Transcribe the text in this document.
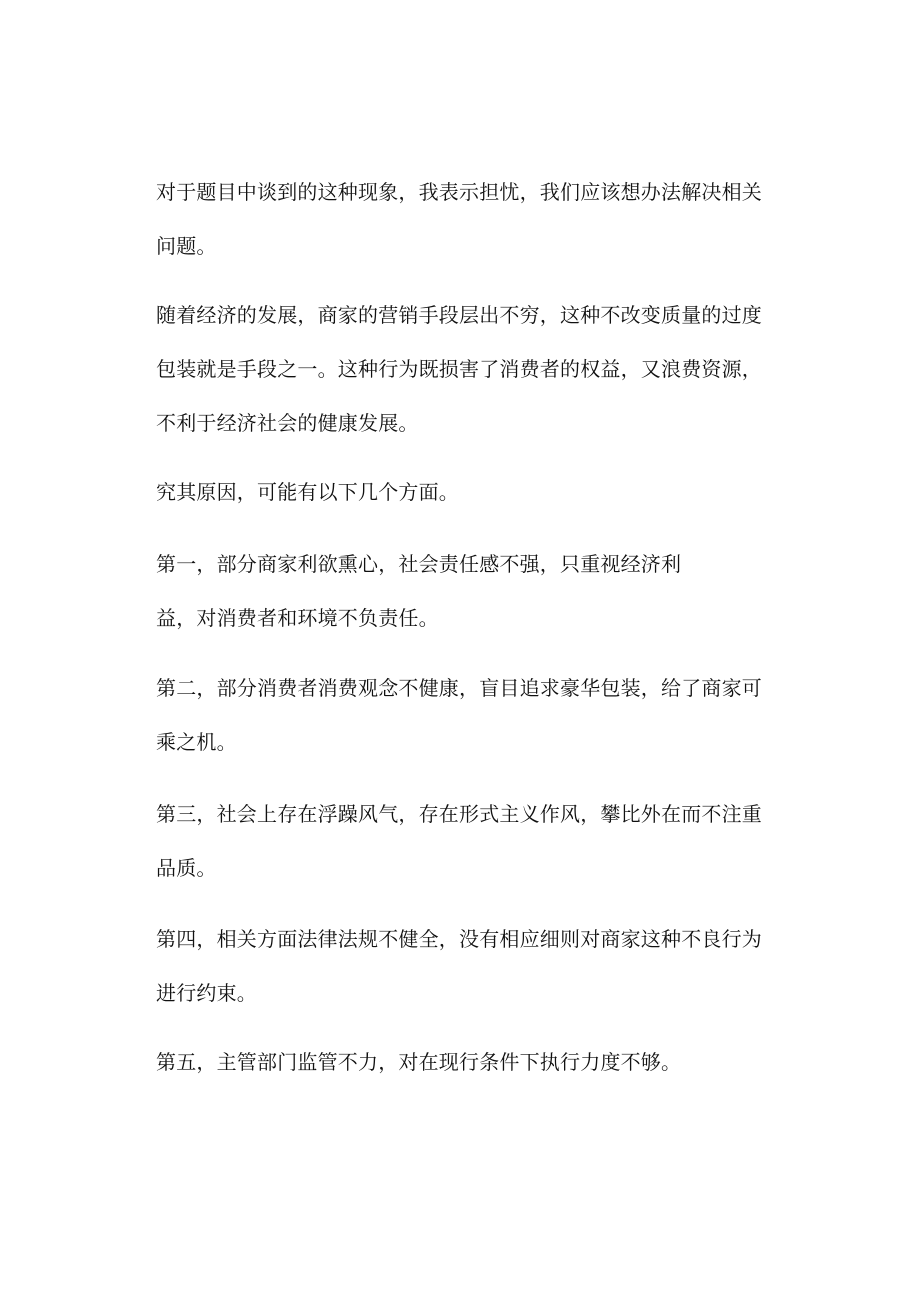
对于题目中谈到的这种现象，我表示担忧，我们应该想办法解决相关
问题。
随着经济的发展，商家的营销手段层出不穷，这种不改变质量的过度
包装就是手段之一。这种行为既损害了消费者的权益，又浪费资源，
不利于经济社会的健康发展。
究其原因，可能有以下几个方面。
第一，部分商家利欲熏心，社会责任感不强，只重视经济利
益，对消费者和环境不负责任。
第二，部分消费者消费观念不健康，盲目追求豪华包装，给了商家可
乘之机。
第三，社会上存在浮躁风气，存在形式主义作风，攀比外在而不注重
品质。
第四，相关方面法律法规不健全，没有相应细则对商家这种不良行为
进行约束。
第五，主管部门监管不力，对在现行条件下执行力度不够。
